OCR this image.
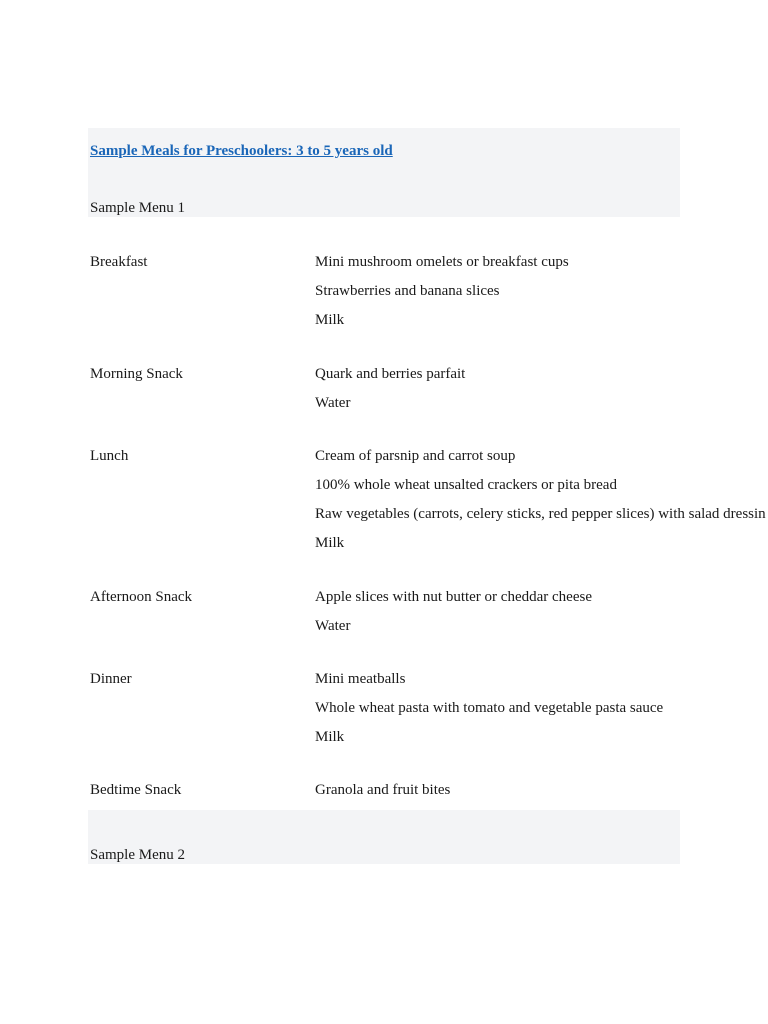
Sample Meals for Preschoolers: 3 to 5 years old
Sample Menu 1
Breakfast	Mini mushroom omelets or breakfast cups
Strawberries and banana slices
Milk
Morning Snack	Quark and berries parfait
Water
Lunch	Cream of parsnip and carrot soup
100% whole wheat unsalted crackers or pita bread
Raw vegetables (carrots, celery sticks, red pepper slices) with salad dressin
Milk
Afternoon Snack	Apple slices with nut butter or cheddar cheese
Water
Dinner	Mini meatballs
Whole wheat pasta with tomato and vegetable pasta sauce
Milk
Bedtime Snack	Granola and fruit bites
Sample Menu 2
